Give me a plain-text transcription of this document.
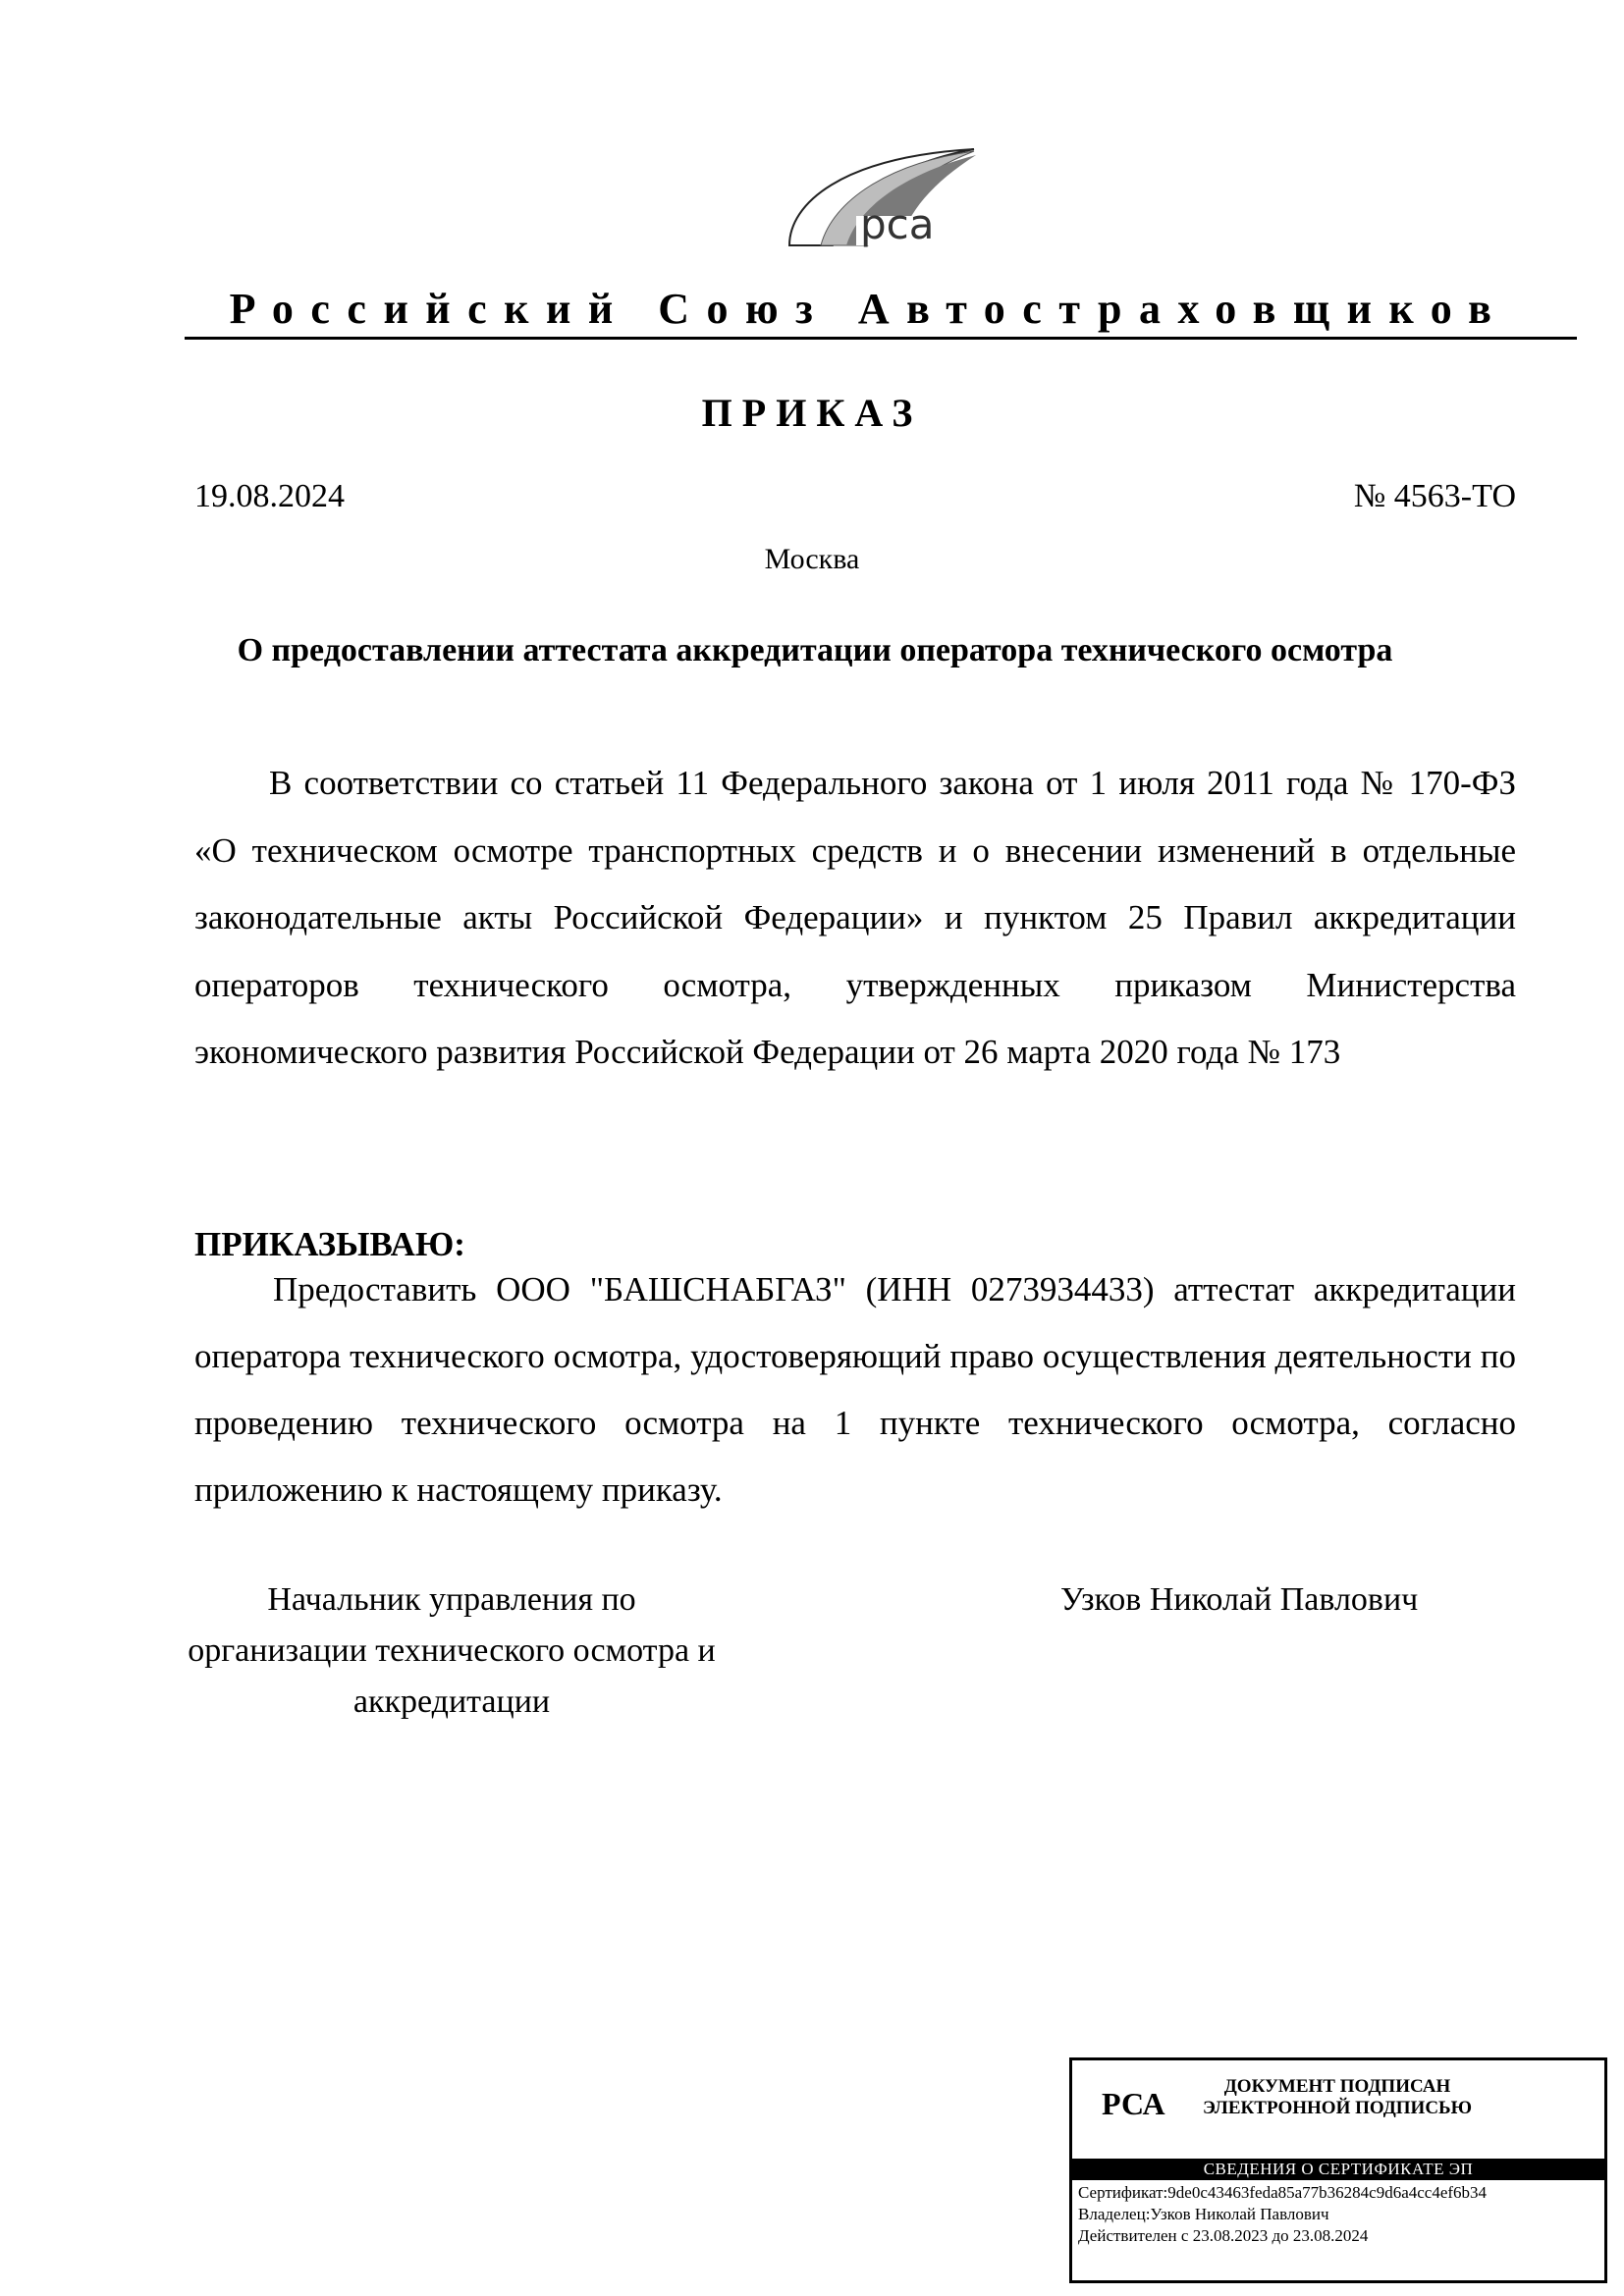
рса
Российский Союз Автостраховщиков
ПРИКАЗ
19.08.2024	№ 4563-ТО
Москва
О предоставлении аттестата аккредитации оператора технического осмотра

В соответствии со статьей 11 Федерального закона от 1 июля 2011 года № 170-ФЗ «О техническом осмотре транспортных средств и о внесении изменений в отдельные законодательные акты Российской Федерации» и пунктом 25 Правил аккредитации операторов технического осмотра, утвержденных приказом Министерства экономического развития Российской Федерации от 26 марта 2020 года № 173

ПРИКАЗЫВАЮ:

Предоставить ООО "БАШСНАБГАЗ" (ИНН 0273934433) аттестат аккредитации оператора технического осмотра, удостоверяющий право осуществления деятельности по проведению технического осмотра на 1 пункте технического осмотра, согласно приложению к настоящему приказу.

Начальник управления по организации технического осмотра и аккредитации
Узков Николай Павлович
РСА	ДОКУМЕНТ ПОДПИСАН ЭЛЕКТРОННОЙ ПОДПИСЬЮ
СВЕДЕНИЯ О СЕРТИФИКАТЕ ЭП
Сертификат:9de0c43463feda85a77b36284c9d6a4cc4ef6b34
Владелец:Узков Николай Павлович
Действителен с 23.08.2023 до 23.08.2024
